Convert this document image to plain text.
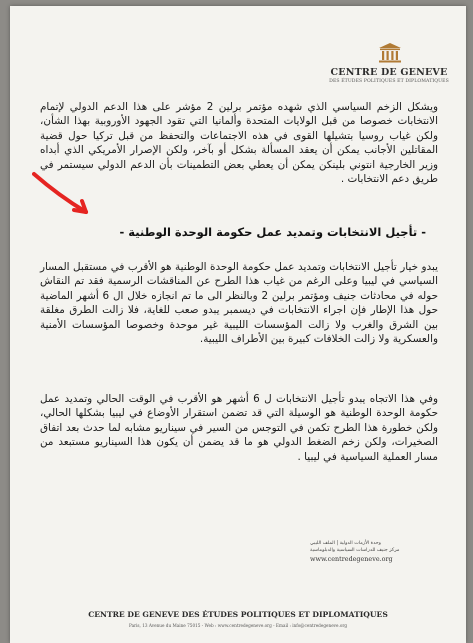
CENTRE DE GENEVE
DES ÉTUDES POLITIQUES ET DIPLOMATIQUES
ويشكل الزخم السياسي الذي شهده مؤتمر برلين 2 مؤشر على هذا الدعم الدولي لإتمام الانتخابات خصوصا من قبل الولايات المتحدة وألمانيا التي تقود الجهود الأوروبية بهذا الشأن، ولكن غياب روسيا بتشيلها القوى في هذه الاجتماعات والتحفظ من قبل تركيا حول قضية المقاتلين الأجانب يمكن أن يعقد المسألة بشكل أو بآخر، ولكن الإصرار الأمريكي الذي أبداه وزير الخارجية انتوني بلينكن يمكن أن يعطي بعض التطمينات بأن الدعم الدولي سيستمر في طريق دعم الانتخابات .
- تأجيل الانتخابات وتمديد عمل حكومة الوحدة الوطنية -
يبدو خيار تأجيل الانتخابات وتمديد عمل حكومة الوحدة الوطنية هو الأقرب في مستقبل المسار السياسي في ليبيا وعلى الرغم من غياب هذا الطرح عن المناقشات الرسمية فقد تم النقاش حوله في محادثات جنيف ومؤتمر برلين 2 وبالنظر الى ما تم انجازه خلال ال 6 أشهر الماضية حول هذا الإطار فإن اجراء الانتخابات في ديسمبر يبدو صعب للغاية، فلا زالت الطرق مغلقة بين الشرق والغرب ولا زالت المؤسسات الليبية غير موحدة وخصوصا المؤسسات الأمنية والعسكرية ولا زالت الخلافات كبيرة بين الأطراف الليبية.
وفي هذا الاتجاه يبدو تأجيل الانتخابات ل 6 أشهر هو الأقرب في الوقت الحالي وتمديد عمل حكومة الوحدة الوطنية هو الوسيلة التي قد تضمن استقرار الأوضاع في ليبيا بشكلها الحالي، ولكن خطورة هذا الطرح تكمن في التوجس من السير في سيناريو مشابه لما حدث بعد اتفاق الصخيرات، ولكن زخم الضغط الدولي هو ما قد يضمن أن يكون هذا السيناريو مستبعد من مسار العملية السياسية في ليبيا .
وحدة الأزمات الدولية | الملف الليبي
مركز جنيف للدراسات السياسية والدبلوماسية
www.centredegeneve.org
CENTRE DE GENEVE DES ÉTUDES POLITIQUES ET DIPLOMATIQUES
Paris, 13 Avenue du Maine 75015 - Web : www.centredegeneve.org - Email : info@centredegeneve.org
